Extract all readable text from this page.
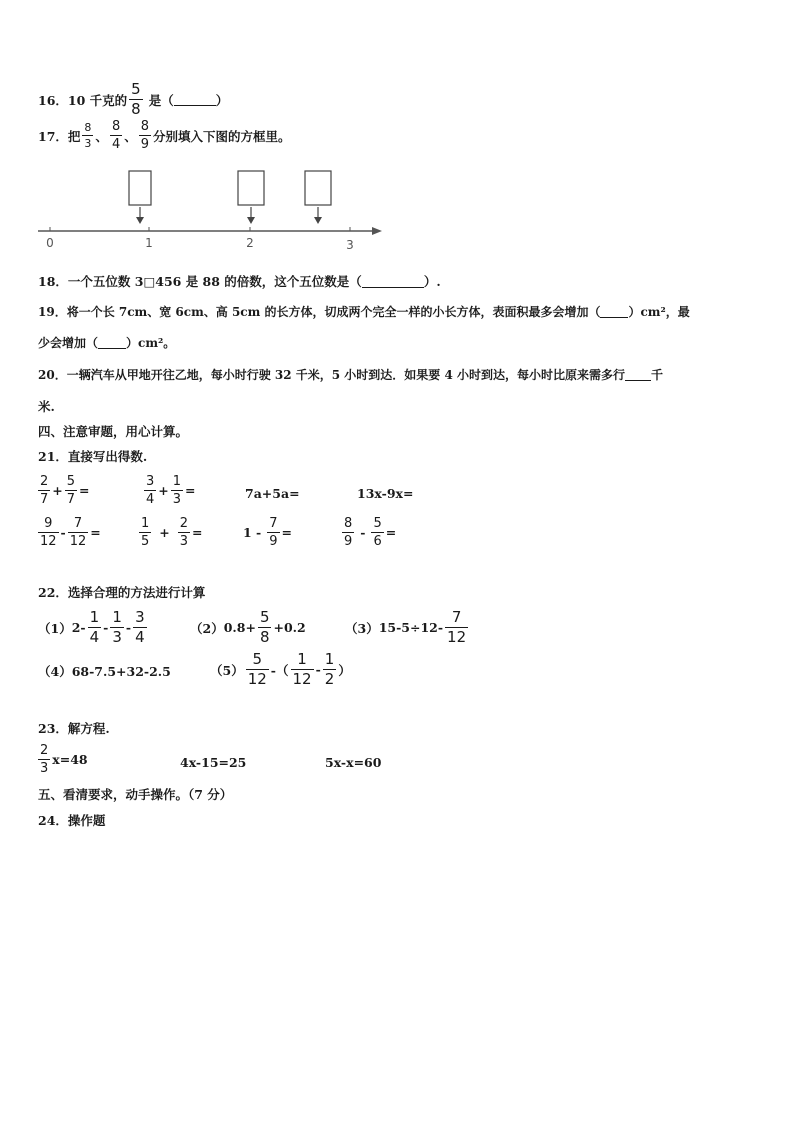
16． 10 千克的 $\frac{5}{8}$ 是（	）
17． 把 $\frac{8}{3}$ 、 $\frac{8}{4}$ 、 $\frac{8}{9}$ 分别填入下图的方框里。
0	1	2	3
18． 一个五位数 3□456 是 88 的倍数，这个五位数是（	）.
19． 将一个长 7cm、宽 6cm、高 5cm 的长方体，切成两个完全一样的小长方体，表面积最多会增加（ ）cm²，最
少会增加（ ）cm²。
20． 一辆汽车从甲地开往乙地，每小时行驶 32 千米，5 小时到达．如果要 4 小时到达，每小时比原来需多行 千
米.
四、注意审题，用心计算。
21． 直接写出得数.
$\frac{2}{7} + \frac{5}{7}$ =	$\frac{3}{4} + \frac{1}{3}$ =	7a+5a=	13x-9x=
$\frac{9}{12} - \frac{7}{12}$ =	$\frac{1}{5} + \frac{2}{3}$ =	$1 - \frac{7}{9}$ =	$\frac{8}{9} - \frac{5}{6}$ =
22． 选择合理的方法进行计算
（1） $2- \frac{1}{4} - \frac{1}{3} - \frac{3}{4}$	（2） $0.8+ \frac{5}{8} +0.2$	（3） $15-5\div 12- \frac{7}{12}$
（4） 68-7.5+32-2.5	$(5) \frac{5}{12}$ -（ $\frac{1}{12} - \frac{1}{2}$ ）
23． 解方程.
$\frac{2}{3} x=48$	4x-15=25	5x-x=60
五、看清要求，动手操作。（7 分）
24． 操作题
